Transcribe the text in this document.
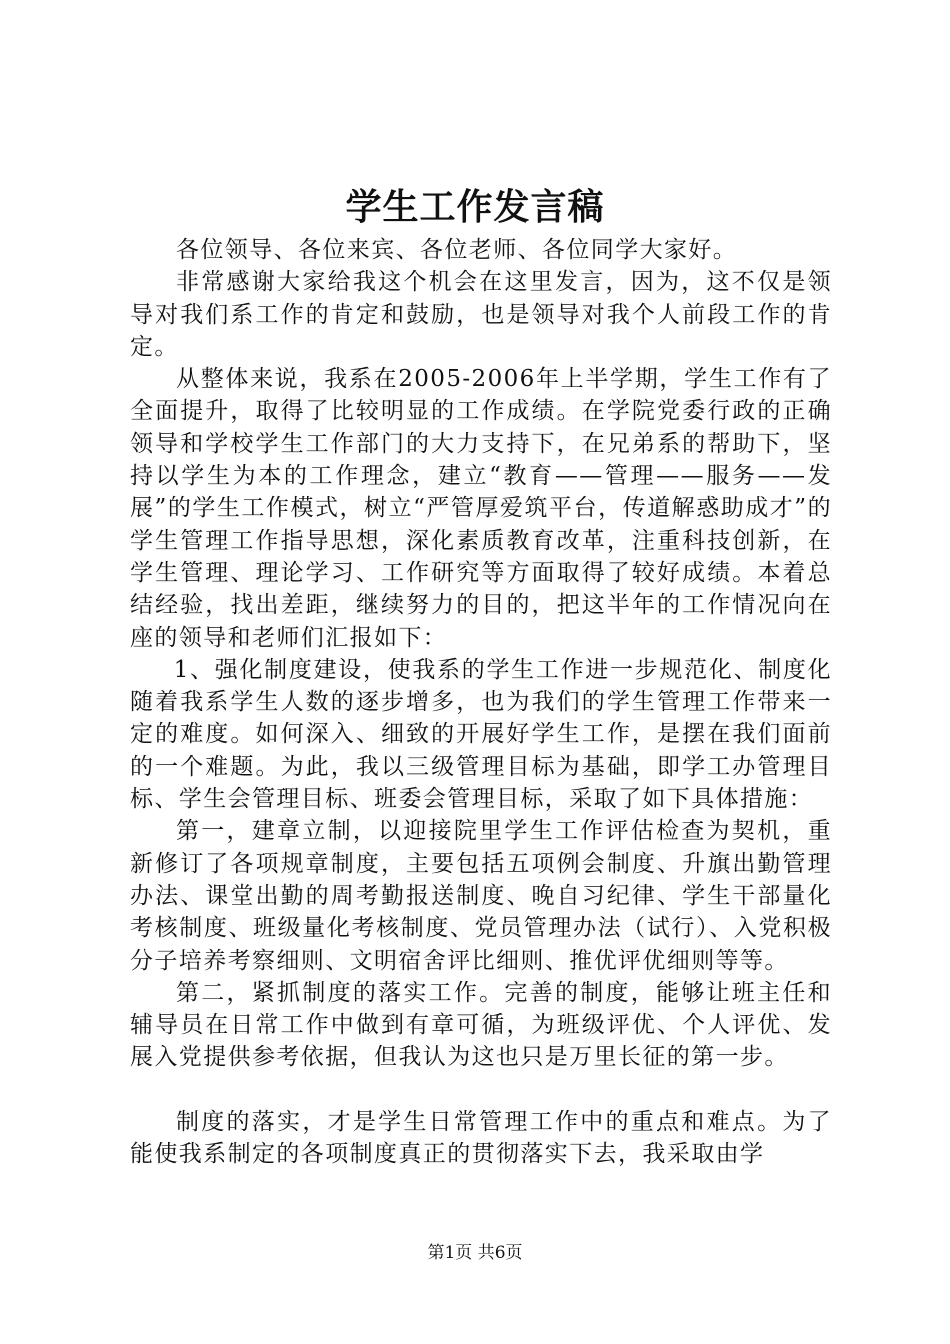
学生工作发言稿

各位领导、各位来宾、各位老师、各位同学大家好。

非常感谢大家给我这个机会在这里发言，因为，这不仅是领导对我们系工作的肯定和鼓励，也是领导对我个人前段工作的肯定。

从整体来说，我系在2005-2006年上半学期，学生工作有了全面提升，取得了比较明显的工作成绩。在学院党委行政的正确领导和学校学生工作部门的大力支持下，在兄弟系的帮助下，坚持以学生为本的工作理念，建立“教育——管理——服务——发展”的学生工作模式，树立“严管厚爱筑平台，传道解惑助成才”的学生管理工作指导思想，深化素质教育改革，注重科技创新，在学生管理、理论学习、工作研究等方面取得了较好成绩。本着总结经验，找出差距，继续努力的目的，把这半年的工作情况向在座的领导和老师们汇报如下：

1、强化制度建设，使我系的学生工作进一步规范化、制度化随着我系学生人数的逐步增多，也为我们的学生管理工作带来一定的难度。如何深入、细致的开展好学生工作，是摆在我们面前的一个难题。为此，我以三级管理目标为基础，即学工办管理目标、学生会管理目标、班委会管理目标，采取了如下具体措施：

第一，建章立制，以迎接院里学生工作评估检查为契机，重新修订了各项规章制度，主要包括五项例会制度、升旗出勤管理办法、课堂出勤的周考勤报送制度、晚自习纪律、学生干部量化考核制度、班级量化考核制度、党员管理办法（试行）、入党积极分子培养考察细则、文明宿舍评比细则、推优评优细则等等。

第二，紧抓制度的落实工作。完善的制度，能够让班主任和辅导员在日常工作中做到有章可循，为班级评优、个人评优、发展入党提供参考依据，但我认为这也只是万里长征的第一步。

制度的落实，才是学生日常管理工作中的重点和难点。为了能使我系制定的各项制度真正的贯彻落实下去，我采取由学

第1页 共6页
